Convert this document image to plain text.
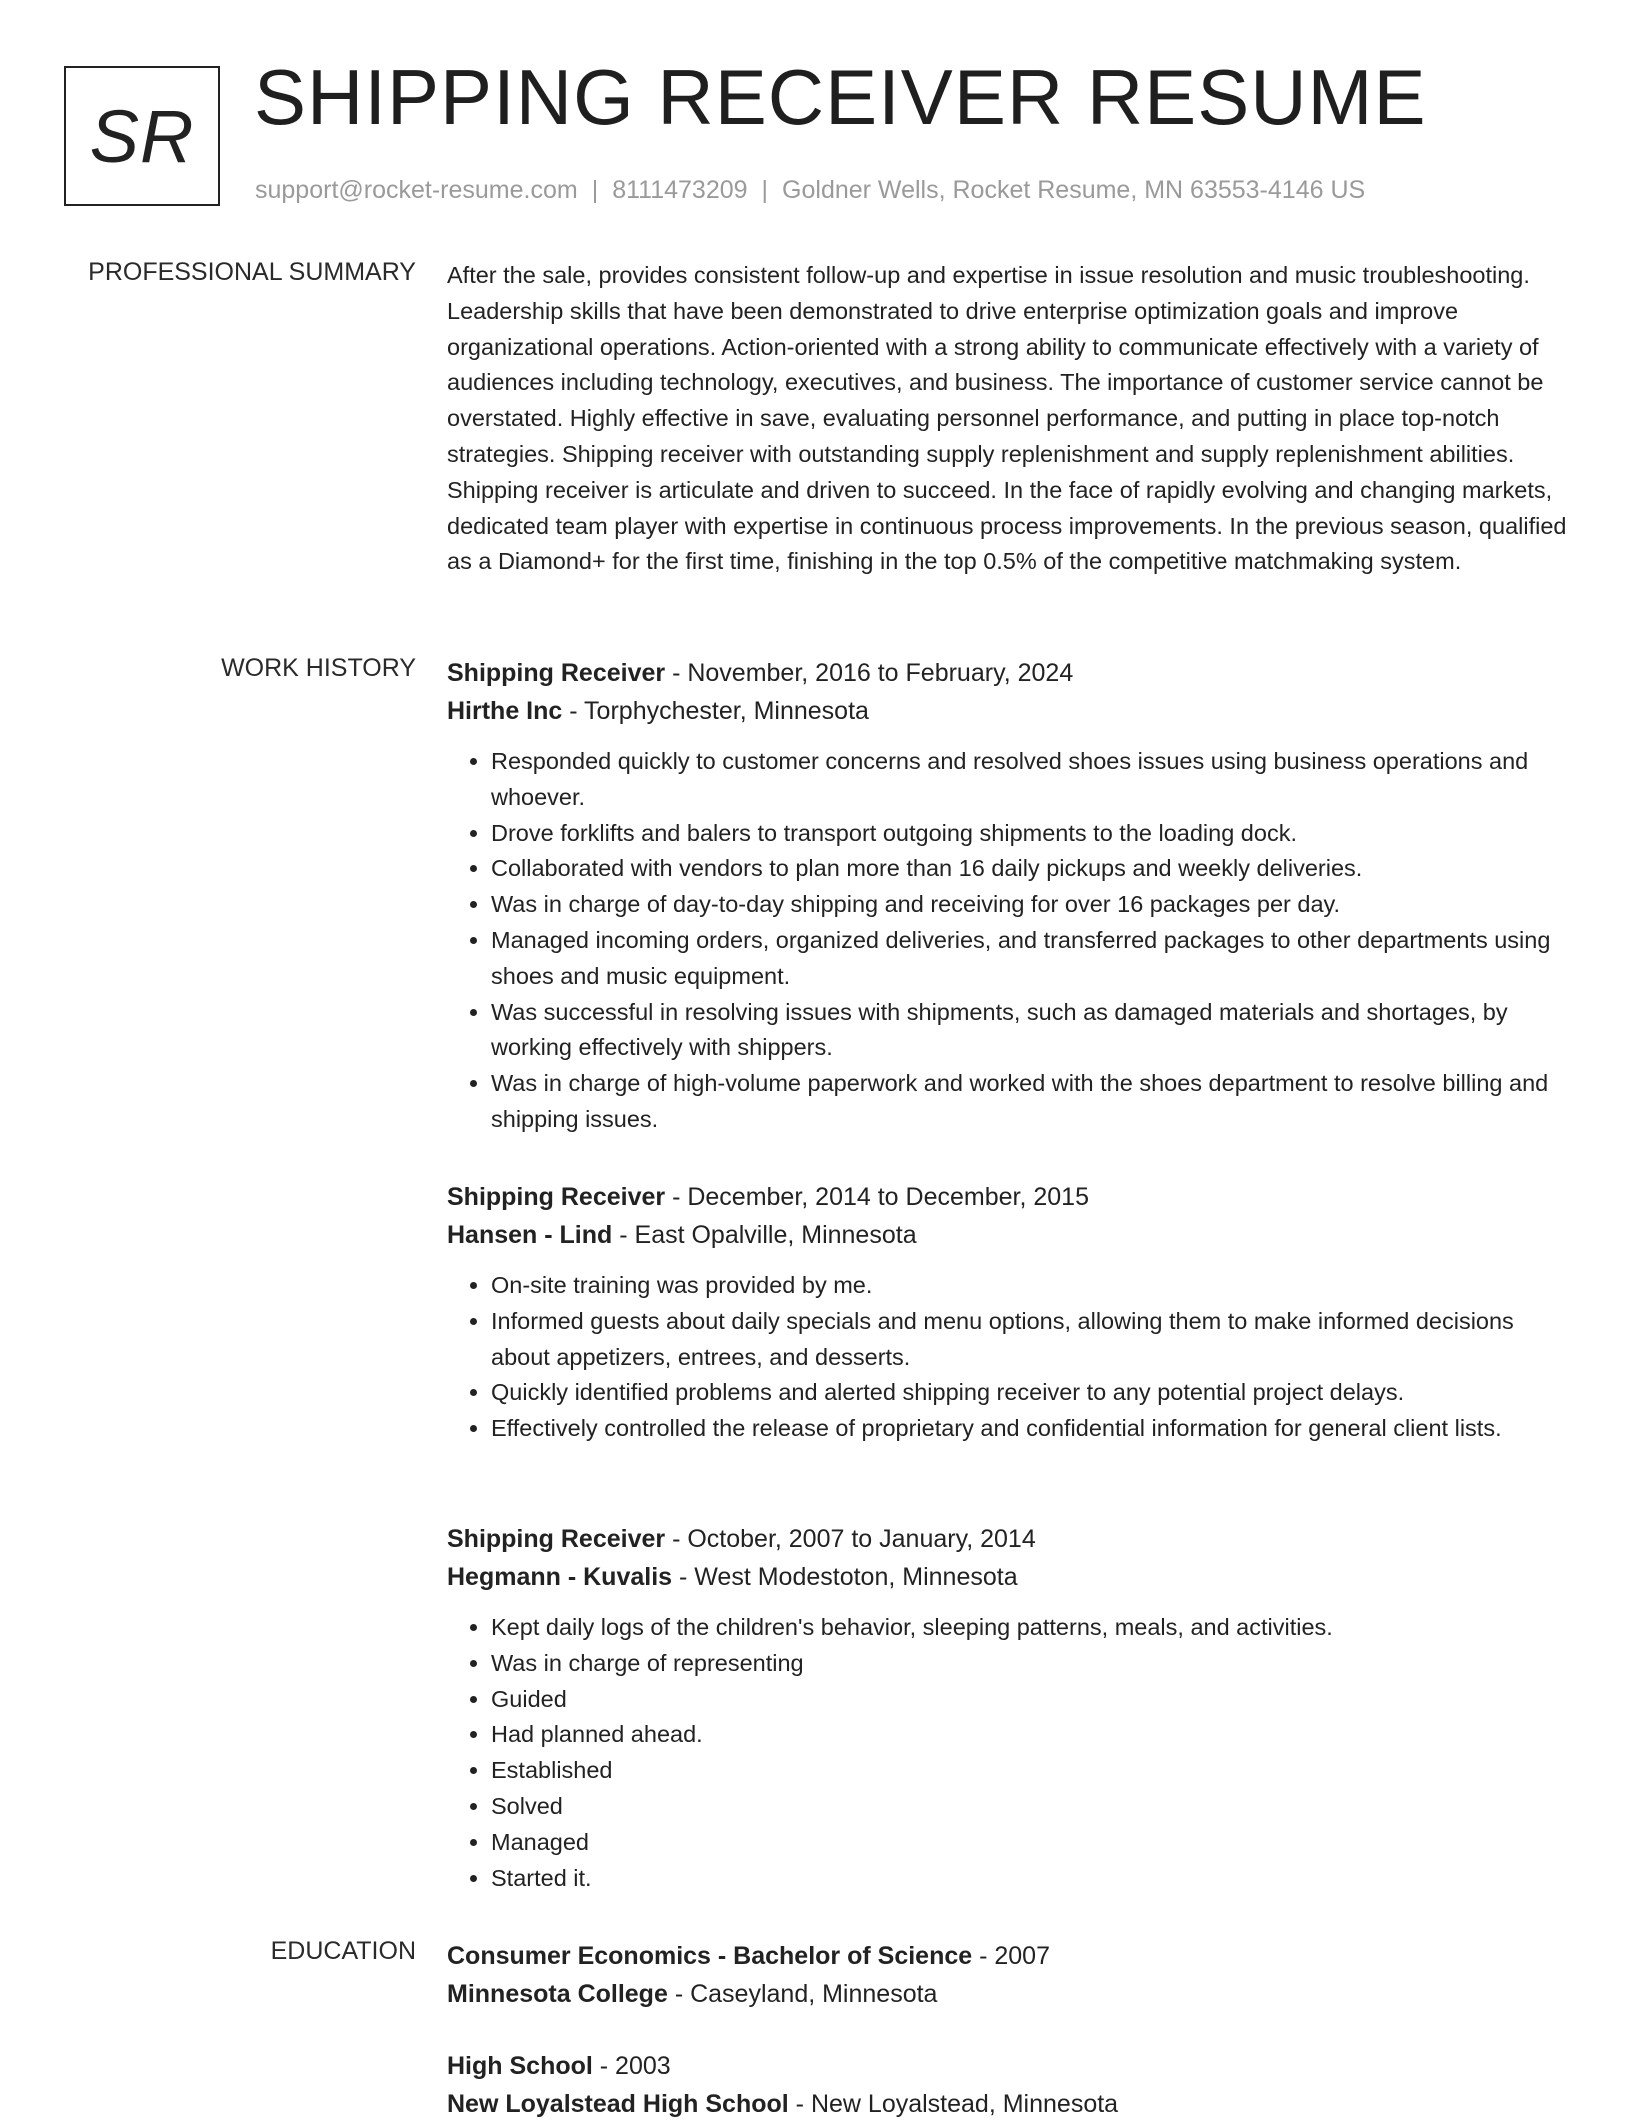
SR SHIPPING RECEIVER RESUME
support@rocket-resume.com | 8111473209 | Goldner Wells, Rocket Resume, MN 63553-4146 US
PROFESSIONAL SUMMARY After the sale, provides consistent follow-up and expertise in issue resolution and music troubleshooting. Leadership skills that have been demonstrated to drive enterprise optimization goals and improve organizational operations. Action-oriented with a strong ability to communicate effectively with a variety of audiences including technology, executives, and business. The importance of customer service cannot be overstated. Highly effective in save, evaluating personnel performance, and putting in place top-notch strategies. Shipping receiver with outstanding supply replenishment and supply replenishment abilities. Shipping receiver is articulate and driven to succeed. In the face of rapidly evolving and changing markets, dedicated team player with expertise in continuous process improvements. In the previous season, qualified as a Diamond+ for the first time, finishing in the top 0.5% of the competitive matchmaking system.

WORK HISTORY Shipping Receiver - November, 2016 to February, 2024
Hirthe Inc - Torphychester, Minnesota
• Responded quickly to customer concerns and resolved shoes issues using business operations and whoever.
• Drove forklifts and balers to transport outgoing shipments to the loading dock.
• Collaborated with vendors to plan more than 16 daily pickups and weekly deliveries.
• Was in charge of day-to-day shipping and receiving for over 16 packages per day.
• Managed incoming orders, organized deliveries, and transferred packages to other departments using shoes and music equipment.
• Was successful in resolving issues with shipments, such as damaged materials and shortages, by working effectively with shippers.
• Was in charge of high-volume paperwork and worked with the shoes department to resolve billing and shipping issues.
Shipping Receiver - December, 2014 to December, 2015
Hansen - Lind - East Opalville, Minnesota
• On-site training was provided by me.
• Informed guests about daily specials and menu options, allowing them to make informed decisions about appetizers, entrees, and desserts.
• Quickly identified problems and alerted shipping receiver to any potential project delays.
• Effectively controlled the release of proprietary and confidential information for general client lists.
Shipping Receiver - October, 2007 to January, 2014
Hegmann - Kuvalis - West Modestoton, Minnesota
• Kept daily logs of the children's behavior, sleeping patterns, meals, and activities.
• Was in charge of representing
• Guided
• Had planned ahead.
• Established
• Solved
• Managed
• Started it.
EDUCATION Consumer Economics - Bachelor of Science - 2007
Minnesota College - Caseyland, Minnesota
High School - 2003
New Loyalstead High School - New Loyalstead, Minnesota
